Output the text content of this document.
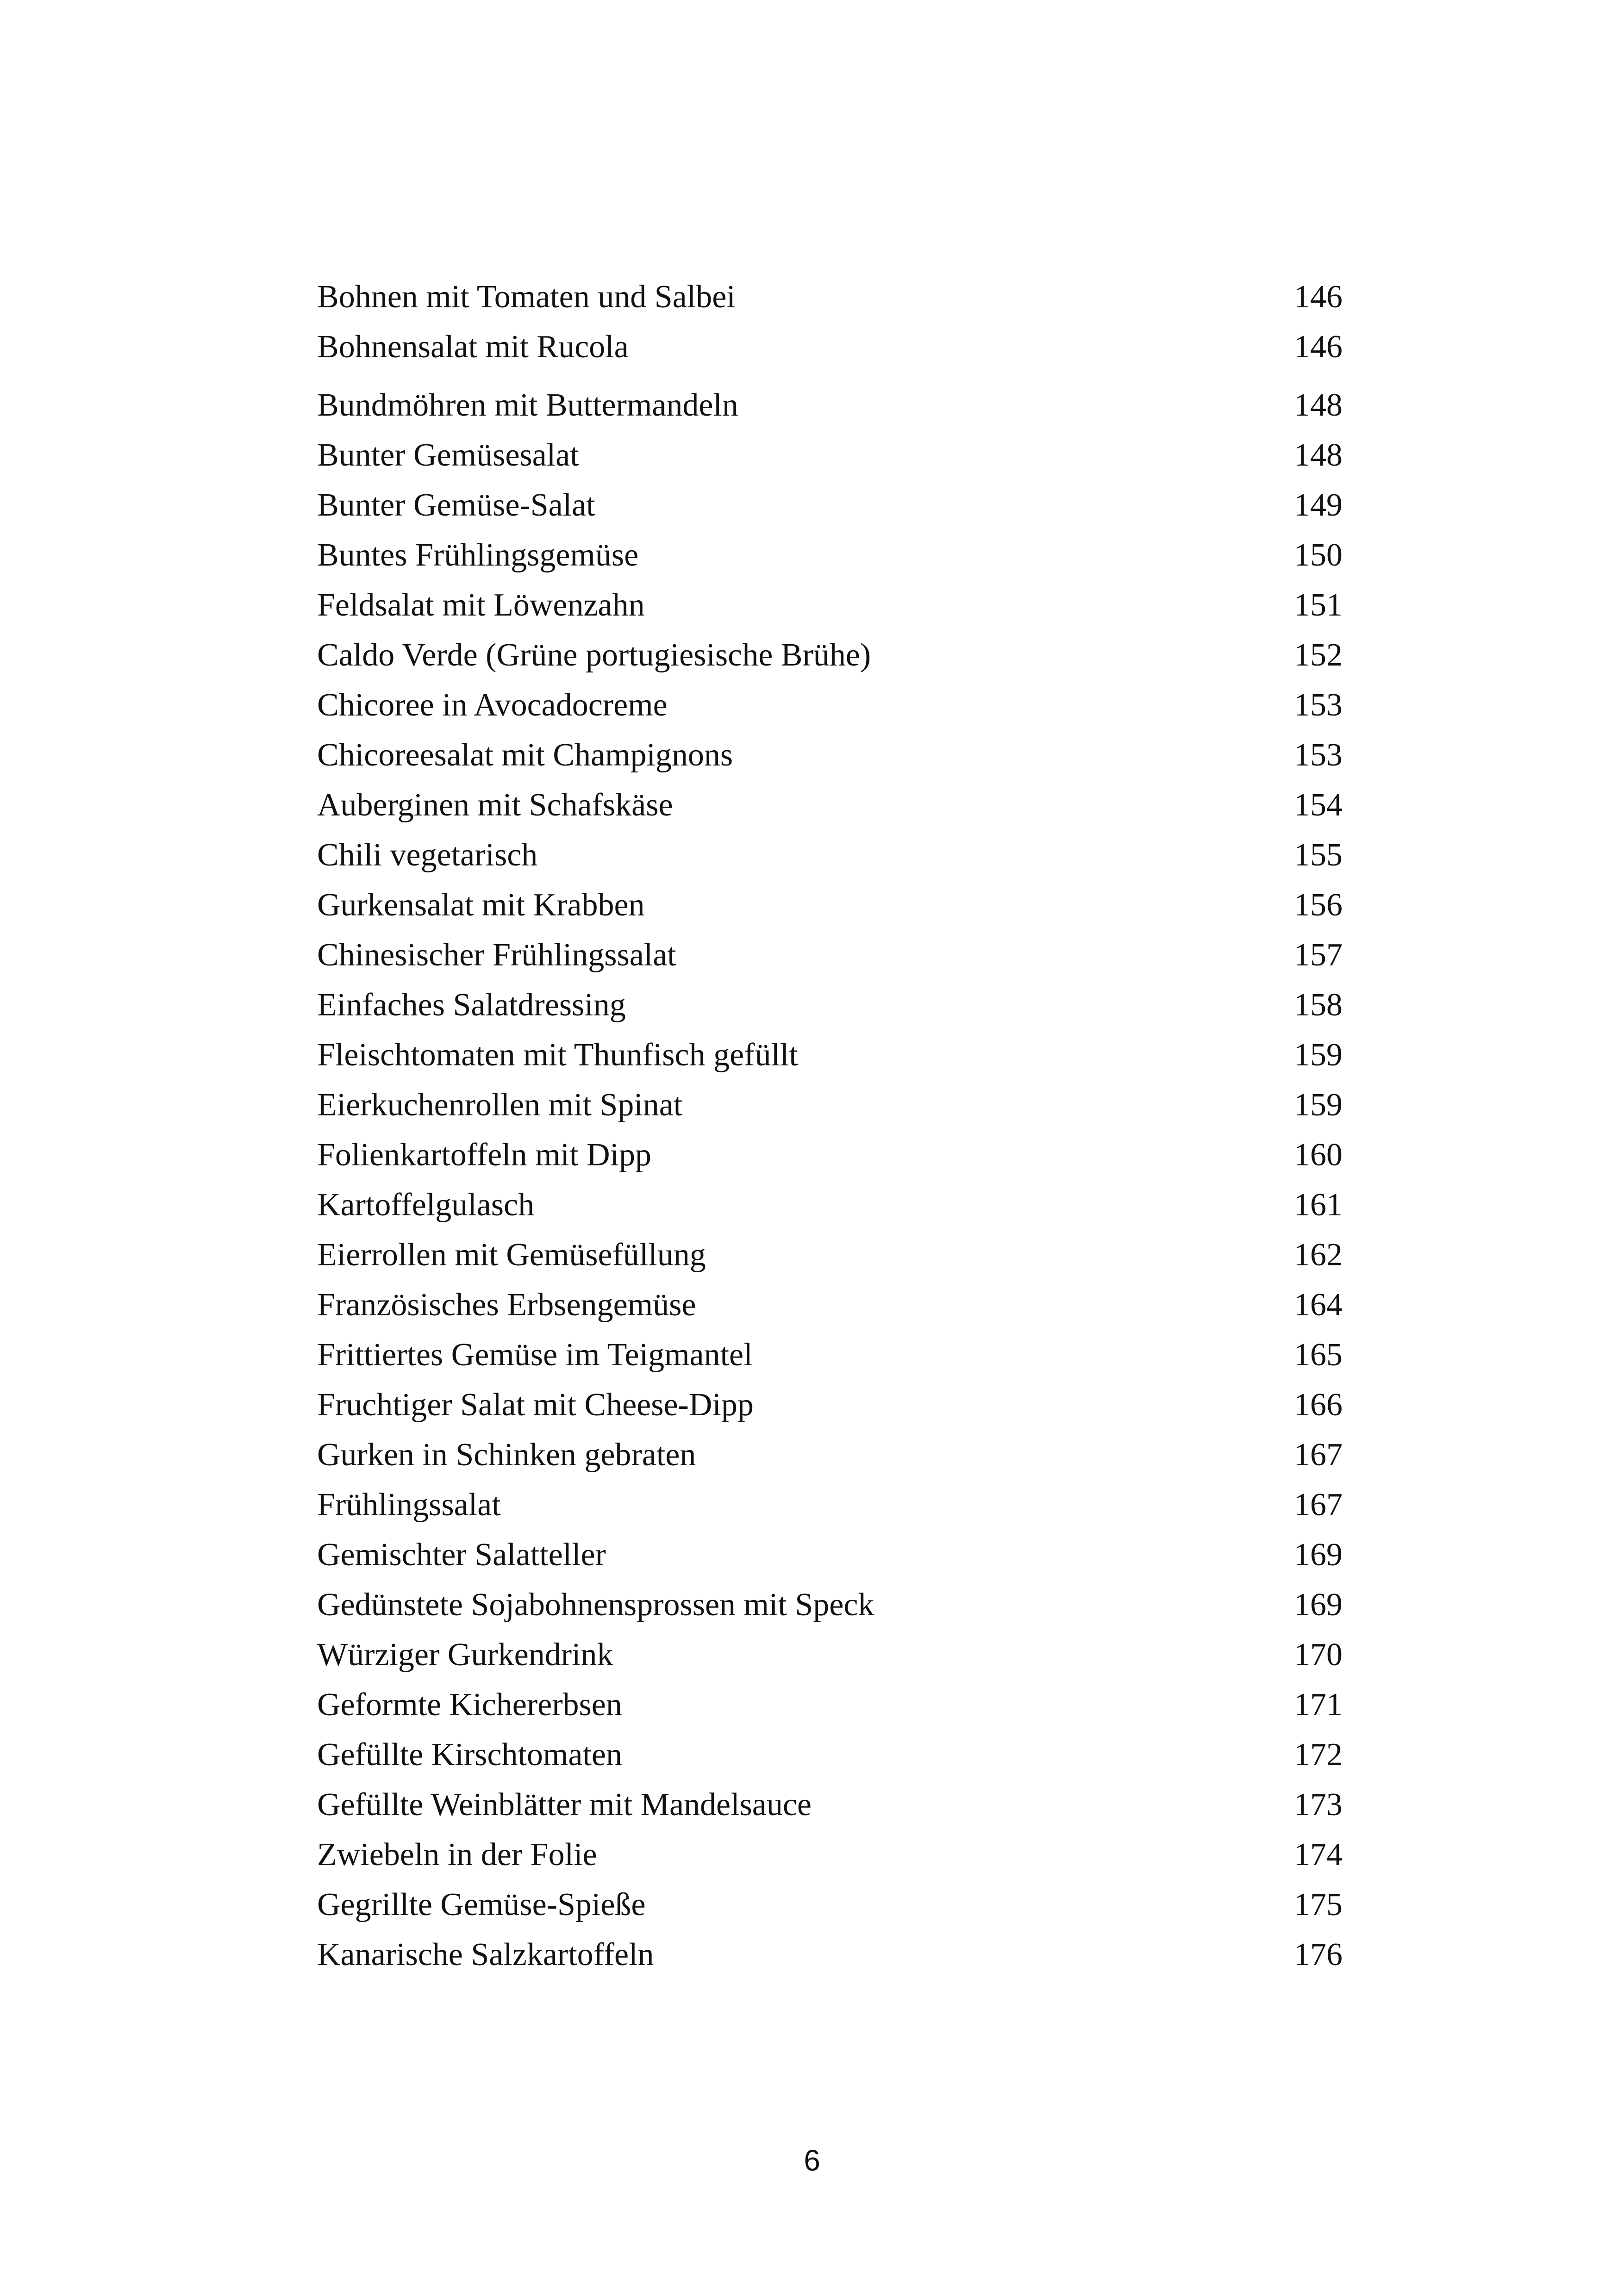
Bohnen mit Tomaten und Salbei	146
Bohnensalat mit Rucola	146
Bundmöhren mit Buttermandeln	148
Bunter Gemüsesalat	148
Bunter Gemüse-Salat	149
Buntes Frühlingsgemüse	150
Feldsalat mit Löwenzahn	151
Caldo Verde (Grüne portugiesische Brühe)	152
Chicoree in Avocadocreme	153
Chicoreesalat mit Champignons	153
Auberginen mit Schafskäse	154
Chili vegetarisch	155
Gurkensalat mit Krabben	156
Chinesischer Frühlingssalat	157
Einfaches Salatdressing	158
Fleischtomaten mit Thunfisch gefüllt	159
Eierkuchenrollen mit Spinat	159
Folienkartoffeln mit Dipp	160
Kartoffelgulasch	161
Eierrollen mit Gemüsefüllung	162
Französisches Erbsengemüse	164
Frittiertes Gemüse im Teigmantel	165
Fruchtiger Salat mit Cheese-Dipp	166
Gurken in Schinken gebraten	167
Frühlingssalat	167
Gemischter Salatteller	169
Gedünstete Sojabohnensprossen mit Speck	169
Würziger Gurkendrink	170
Geformte Kichererbsen	171
Gefüllte Kirschtomaten	172
Gefüllte Weinblätter mit Mandelsauce	173
Zwiebeln in der Folie	174
Gegrillte Gemüse-Spieße	175
Kanarische Salzkartoffeln	176
6
